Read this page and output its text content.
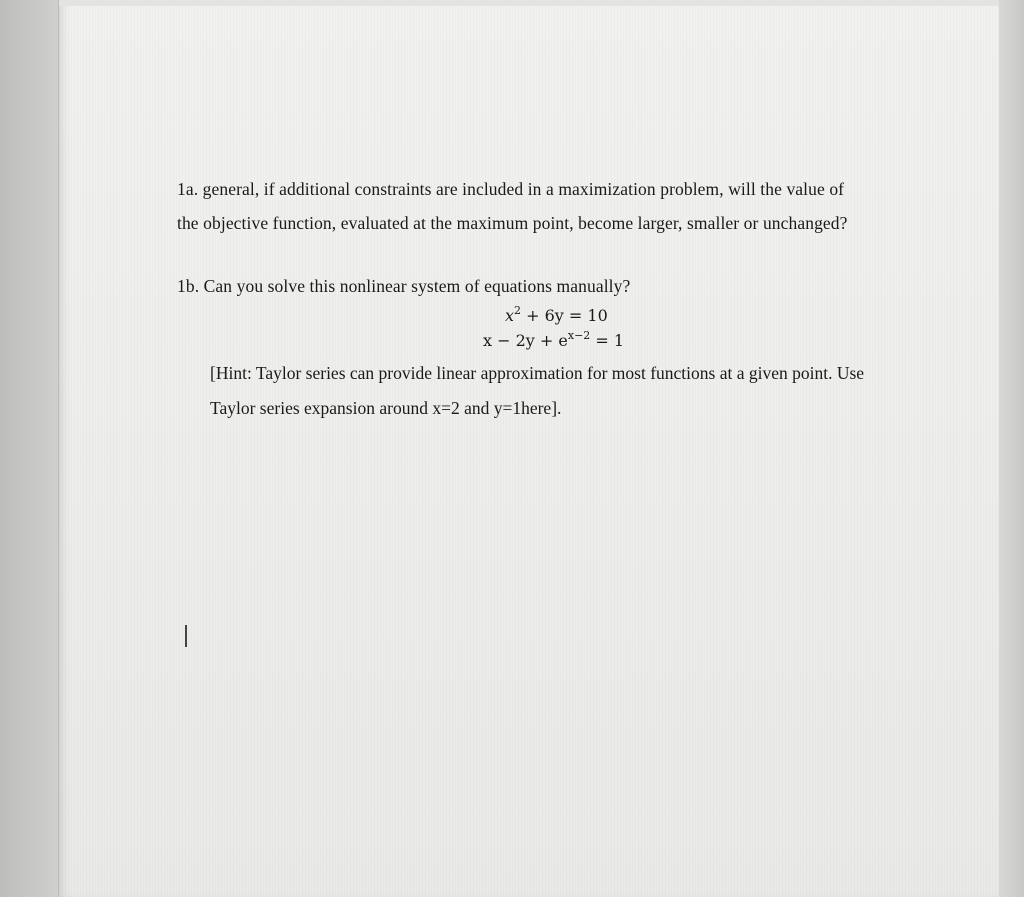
1a. general, if additional constraints are included in a maximization problem, will the value of
the objective function, evaluated at the maximum point, become larger, smaller or unchanged?
1b. Can you solve this nonlinear system of equations manually?
$x^2 + 6y = 10$
$x - 2y + e^{x-2} = 1$
[Hint: Taylor series can provide linear approximation for most functions at a given point. Use
Taylor series expansion around x=2 and y=1here].
